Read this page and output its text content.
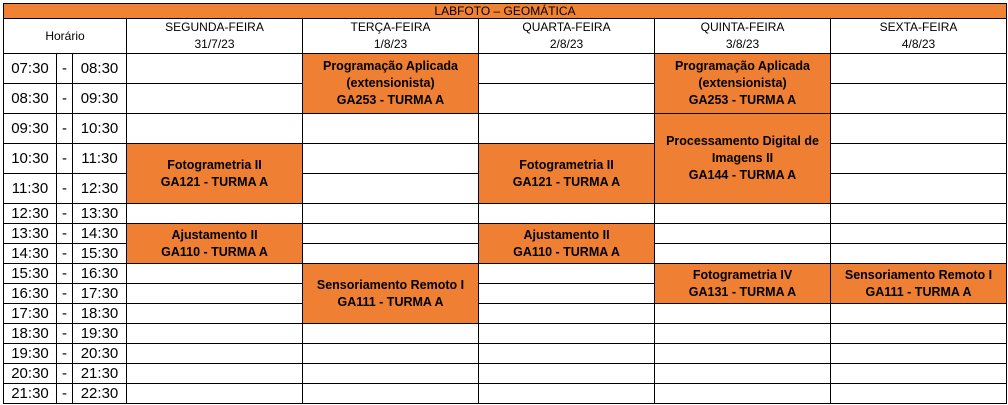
LABFOTO – GEOMÁTICA
Horário
SEGUNDA-FEIRA
31/7/23
TERÇA-FEIRA
1/8/23
QUARTA-FEIRA
2/8/23
QUINTA-FEIRA
3/8/23
SEXTA-FEIRA
4/8/23
07:30 - 08:30
08:30 - 09:30
09:30 - 10:30
10:30 - 11:30
11:30 - 12:30
12:30 - 13:30
13:30 - 14:30
14:30 - 15:30
15:30 - 16:30
16:30 - 17:30
17:30 - 18:30
18:30 - 19:30
19:30 - 20:30
20:30 - 21:30
21:30 - 22:30
Programação Aplicada
(extensionista)
GA253 - TURMA A
Programação Aplicada
(extensionista)
GA253 - TURMA A
Processamento Digital de
Imagens II
GA144 - TURMA A
Fotogrametria II
GA121 - TURMA A
Fotogrametria II
GA121 - TURMA A
Ajustamento II
GA110 - TURMA A
Ajustamento II
GA110 - TURMA A
Sensoriamento Remoto I
GA111 - TURMA A
Fotogrametria IV
GA131 - TURMA A
Sensoriamento Remoto I
GA111 - TURMA A
